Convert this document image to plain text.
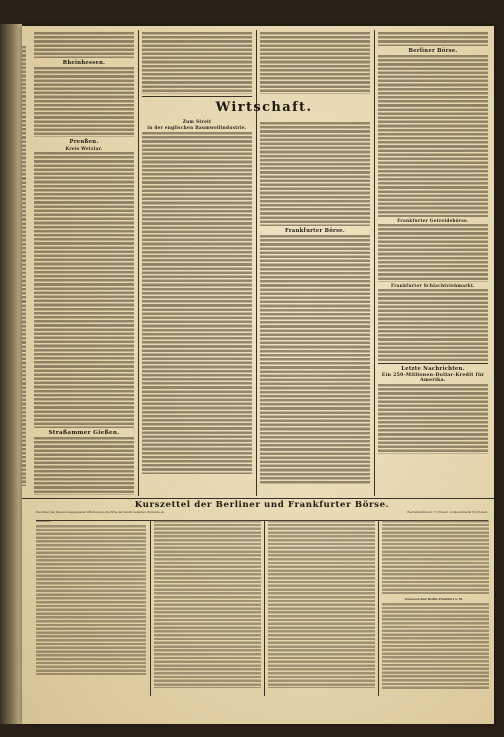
Rheinhessen.
Preußen.
Kreis Wetzlar.
Straßammer Gießen.
Wirtschaft.
Zum Streit
in der englischen Baumwollindustrie.
Frankfurter Börse.
Berliner Börse.
Frankfurter Getreidebörse.
Frankfurter Schlachtviehmarkt.
Letzte Nachrichten.
Ein 250-Millionen-Dollar-Kredit für Amerika.
Kurszettel der Berliner und Frankfurter Börse.
Die hinter den Papieren angegebenen Ziffern geben die Höhe der zuletzt bezahlten Dividende an.	Reichsbankdiskont 7,5 Prozent, Lombardzinsfuß 8,5 Prozent.
Bankaktien
Kursvorschau Berlin–Frankfurt a. M.
